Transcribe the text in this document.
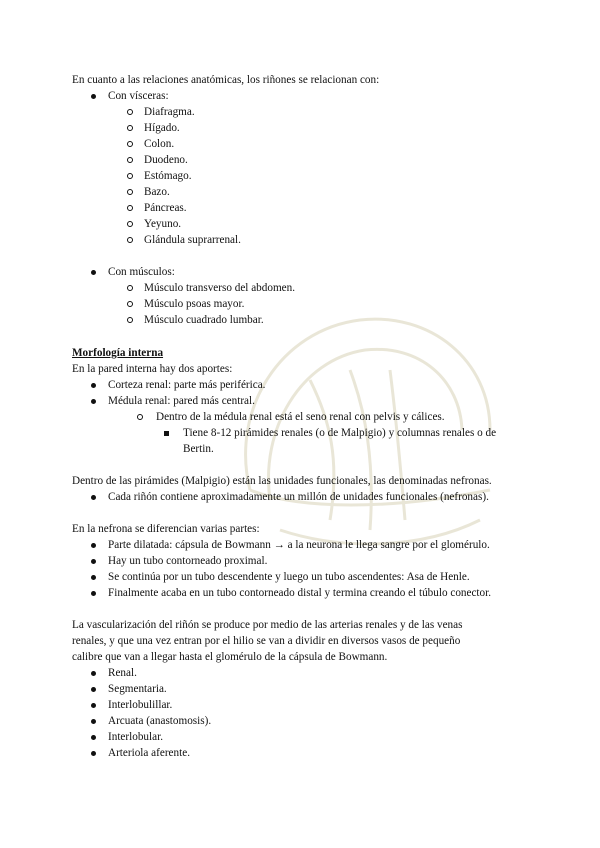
En cuanto a las relaciones anatómicas, los riñones se relacionan con:
Con vísceras:
Diafragma.
Hígado.
Colon.
Duodeno.
Estómago.
Bazo.
Páncreas.
Yeyuno.
Glándula suprarrenal.
Con músculos:
Músculo transverso del abdomen.
Músculo psoas mayor.
Músculo cuadrado lumbar.
Morfología interna
En la pared interna hay dos aportes:
Corteza renal: parte más periférica.
Médula renal: pared más central.
Dentro de la médula renal está el seno renal con pelvis y cálices.
Tiene 8-12 pirámides renales (o de Malpigio) y columnas renales o de
Bertin.
Dentro de las pirámides (Malpigio) están las unidades funcionales, las denominadas nefronas.
Cada riñón contiene aproximadamente un millón de unidades funcionales (nefronas).
En la nefrona se diferencian varias partes:
Parte dilatada: cápsula de Bowmann → a la neurona le llega sangre por el glomérulo.
Hay un tubo contorneado proximal.
Se continúa por un tubo descendente y luego un tubo ascendentes: Asa de Henle.
Finalmente acaba en un tubo contorneado distal y termina creando el túbulo conector.
La vascularización del riñón se produce por medio de las arterias renales y de las venas
renales, y que una vez entran por el hilio se van a dividir en diversos vasos de pequeño
calibre que van a llegar hasta el glomérulo de la cápsula de Bowmann.
Renal.
Segmentaria.
Interlobulillar.
Arcuata (anastomosis).
Interlobular.
Arteriola aferente.
